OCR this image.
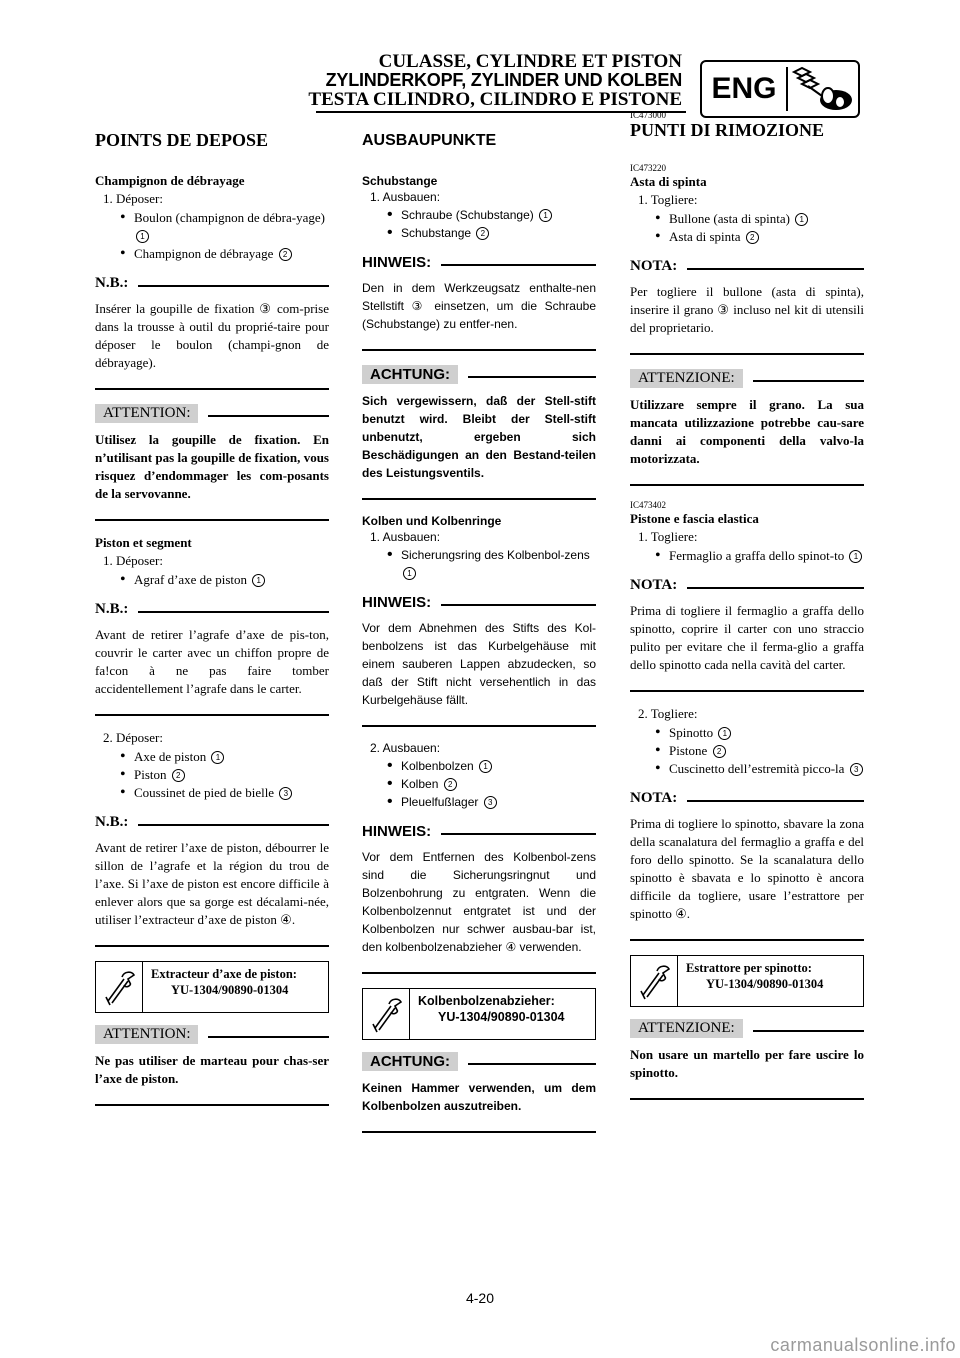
CULASSE, CYLINDRE ET PISTON
ZYLINDERKOPF, ZYLINDER UND KOLBEN
TESTA CILINDRO, CILINDRO E PISTONE ENG
POINTS DE DEPOSE
Champignon de débrayage
1. Déposer:
• Boulon (champignon de débra-yage) 1
• Champignon de débrayage 2
N.B.:

Insérer la goupille de fixation ③ com-prise dans la trousse à outil du proprié-taire pour déposer le boulon (champi-gnon de débrayage).

ATTENTION:

Utilisez la goupille de fixation. En n’utilisant pas la goupille de fixation, vous risquez d’endommager les com-posants de la servovanne.

Piston et segment
1. Déposer:
• Agraf d’axe de piston 1
N.B.:

Avant de retirer l’agrafe d’axe de pis-ton, couvrir le carter avec un chiffon propre de fa!con à ne pas faire tomber accidentellement l’agrafe dans le carter.

2. Déposer:
• Axe de piston 1
• Piston 2
• Coussinet de pied de bielle 3
N.B.:

Avant de retirer l’axe de piston, débourrer le sillon de l’agrafe et la région du trou de l’axe. Si l’axe de piston est encore difficile à enlever alors que sa gorge est décalami-née, utiliser l’extracteur d’axe de piston ④.

Extracteur d’axe de piston:
YU-1304/90890-01304
ATTENTION:

Ne pas utiliser de marteau pour chas-ser l’axe de piston.

AUSBAUPUNKTE
Schubstange
1. Ausbauen:
• Schraube (Schubstange) 1
• Schubstange 2
HINWEIS:

Den in dem Werkzeugsatz enthalte-nen Stellstift ③ einsetzen, um die Schraube (Schubstange) zu entfer-nen.

ACHTUNG:

Sich vergewissern, daß der Stell-stift benutzt wird. Bleibt der Stell-stift unbenutzt, ergeben sich Beschädigungen an den Bestand-teilen des Leistungsventils.

Kolben und Kolbenringe
1. Ausbauen:
• Sicherungsring des Kolbenbol-zens 1
HINWEIS:

Vor dem Abnehmen des Stifts des Kol-benbolzens ist das Kurbelgehäuse mit einem sauberen Lappen abzudecken, so daß der Stift nicht versehentlich in das Kurbelgehäuse fällt.

2. Ausbauen:
• Kolbenbolzen 1
• Kolben 2
• Pleuelfußlager 3
HINWEIS:

Vor dem Entfernen des Kolbenbol-zens sind die Sicherungsringnut und Bolzenbohrung zu entgraten. Wenn die Kolbenbolzennut entgratet ist und der Kolbenbolzen nur schwer ausbau-bar ist, den kolbenbolzenabzieher ④ verwenden.

Kolbenbolzenabzieher:
YU-1304/90890-01304
ACHTUNG:

Keinen Hammer verwenden, um dem Kolbenbolzen auszutreiben.

IC473000
PUNTI DI RIMOZIONE
IC473220
Asta di spinta
1. Togliere:
• Bullone (asta di spinta) 1
• Asta di spinta 2
NOTA:

Per togliere il bullone (asta di spinta), inserire il grano ③ incluso nel kit di utensili del proprietario.

ATTENZIONE:

Utilizzare sempre il grano. La sua mancata utilizzazione potrebbe cau-sare danni ai componenti della valvo-la motorizzata.

IC473402
Pistone e fascia elastica
1. Togliere:
• Fermaglio a graffa dello spinot-to 1
NOTA:

Prima di togliere il fermaglio a graffa dello spinotto, coprire il carter con uno straccio pulito per evitare che il ferma-glio a graffa dello spinotto cada nella cavità del carter.

2. Togliere:
• Spinotto 1
• Pistone 2
• Cuscinetto dell’estremità picco-la 3
NOTA:

Prima di togliere lo spinotto, sbavare la zona della scanalatura del fermaglio a graffa e del foro dello spinotto. Se la scanalatura dello spinotto è sbavata e lo spinotto è ancora difficile da togliere, usare l’estrattore per spinotto ④.

Estrattore per spinotto:
YU-1304/90890-01304
ATTENZIONE:

Non usare un martello per fare uscire lo spinotto.

4-20
carmanualsonline.info
